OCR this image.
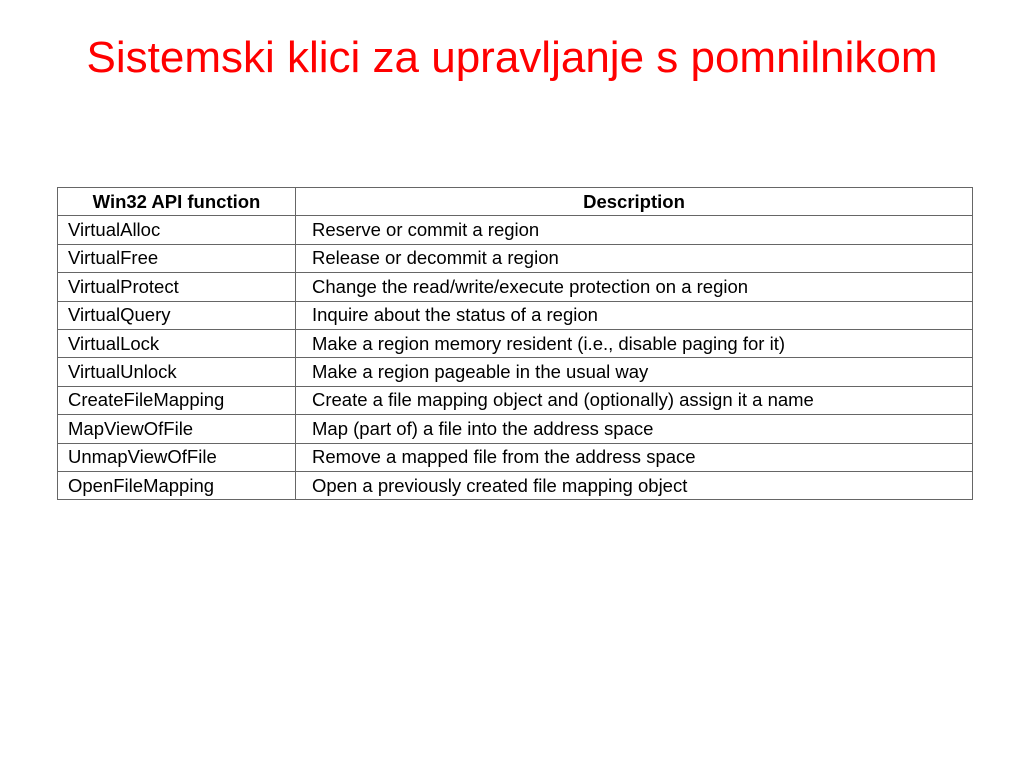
Sistemski klici za upravljanje s pomnilnikom
Win32 API function	Description
VirtualAlloc	Reserve or commit a region
VirtualFree	Release or decommit a region
VirtualProtect	Change the read/write/execute protection on a region
VirtualQuery	Inquire about the status of a region
VirtualLock	Make a region memory resident (i.e., disable paging for it)
VirtualUnlock	Make a region pageable in the usual way
CreateFileMapping	Create a file mapping object and (optionally) assign it a name
MapViewOfFile	Map (part of) a file into the address space
UnmapViewOfFile	Remove a mapped file from the address space
OpenFileMapping	Open a previously created file mapping object
